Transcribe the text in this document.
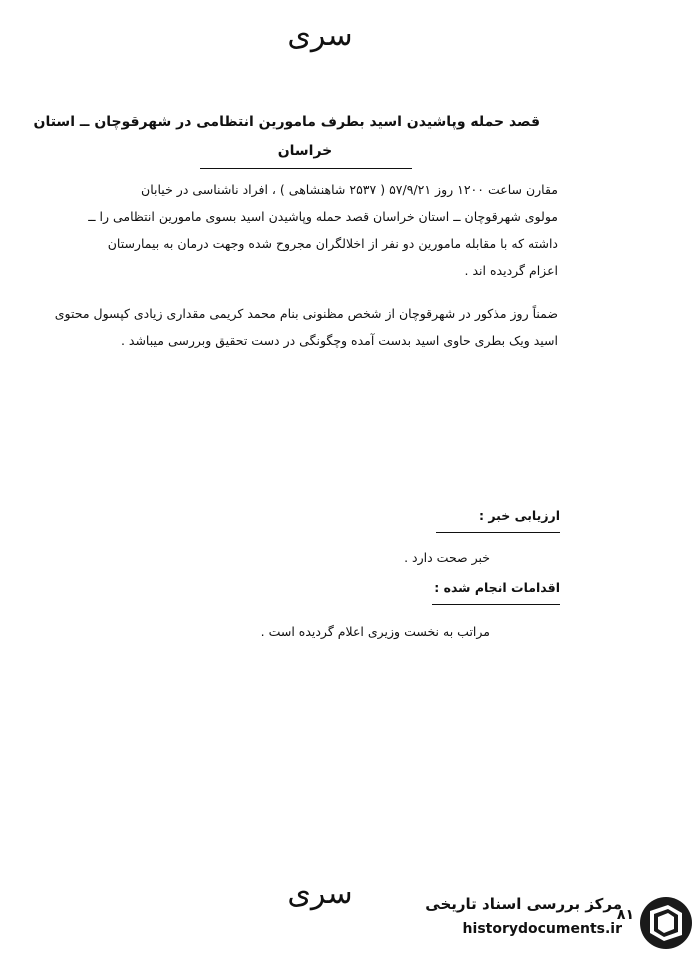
سری
قصد حمله وپاشیدن اسید بطرف مامورین انتظامی در شهرقوچان ــ استان
خراسان
مقارن ساعت ۱۲۰۰ روز ۵۷/۹/۲۱ ( ۲۵۳۷ شاهنشاهی ) ، افراد ناشناسی در خیابان
مولوی شهرقوچان ــ استان خراسان قصد حمله وپاشیدن اسید بسوی مامورین انتظامی را ــ
داشته که با مقابله مامورین دو نفر از اخلالگران مجروح شده وجهت درمان به بیمارستان
اعزام گردیده اند .
ضمناً روز مذکور در شهرقوچان از شخص مظنونی بنام محمد کریمی مقداری زیادی کپسول محتوی
اسید ویک بطری حاوی اسید بدست آمده وچگونگی در دست تحقیق وبررسی میباشد .
ارزیابی خبر :
خبر صحت دارد .
اقدامات انجام شده :
مراتب به نخست وزیری اعلام گردیده است .
سری	مرکز بررسی اسناد تاریخی
historydocuments.ir
۸۱
